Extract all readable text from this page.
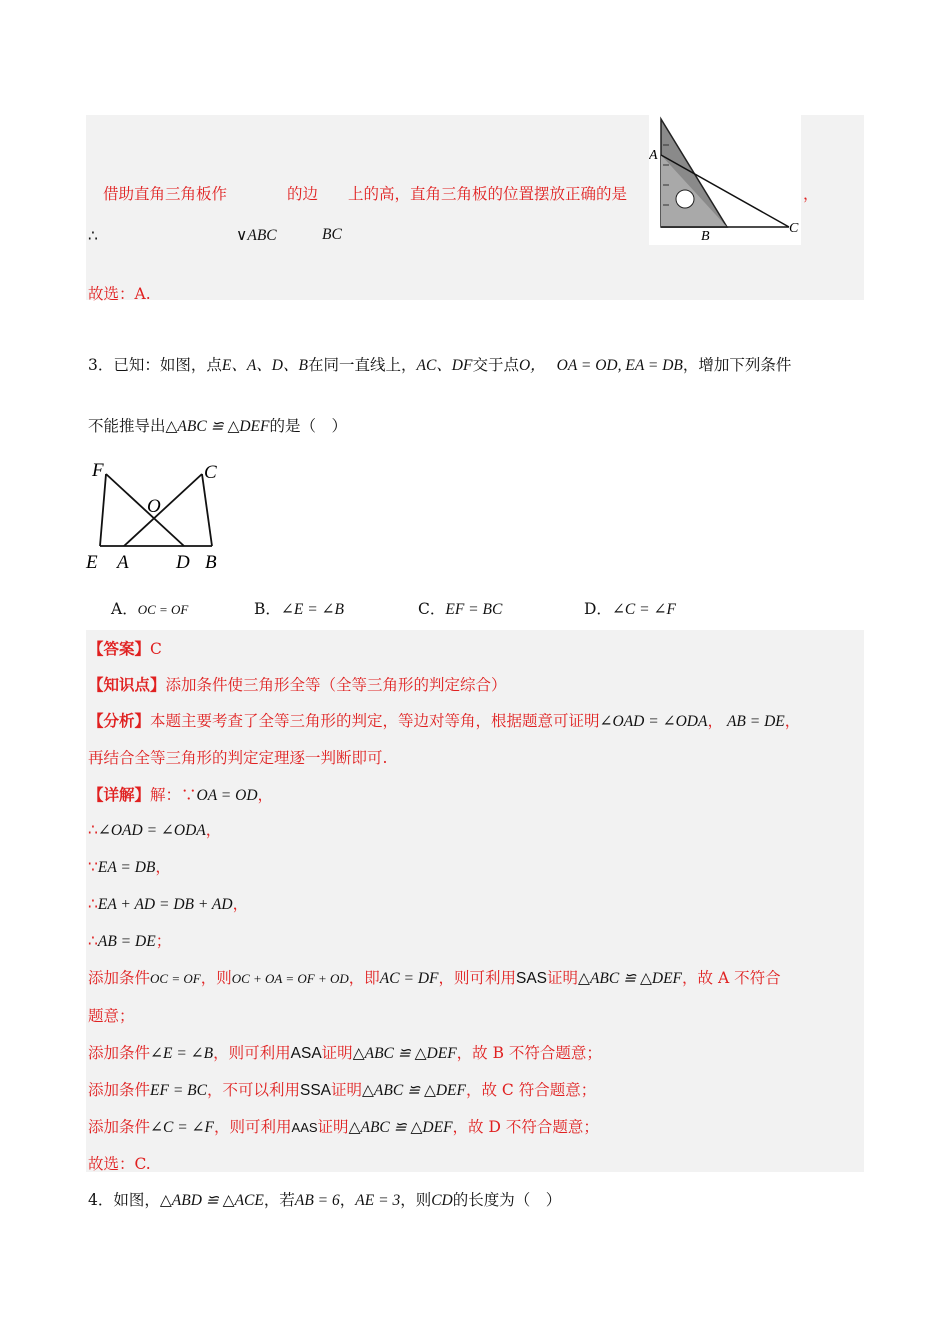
借助直角三角板作	的边 上的高，直角三角板的位置摆放正确的是	，
∴	∨ABC	BC
故选：A.
A
B
C
3．已知：如图，点E、A、D、B在同一直线上，AC、DF交于点O， OA = OD, EA = DB，增加下列条件
不能推导出△ABC ≌ △DEF的是（　）
F	C
O
E A D B
A．OC = OF	B．∠E = ∠B	C．EF = BC	D．∠C = ∠F
【答案】C
【知识点】添加条件使三角形全等（全等三角形的判定综合）
【分析】本题主要考查了全等三角形的判定，等边对等角，根据题意可证明∠OAD = ∠ODA， AB = DE，
再结合全等三角形的判定定理逐一判断即可.
【详解】解：∵OA = OD，
∴∠OAD = ∠ODA，
∵EA = DB，
∴EA + AD = DB + AD，
∴AB = DE；
添加条件OC = OF，则OC + OA = OF + OD，即AC = DF，则可利用SAS证明△ABC ≌ △DEF，故 A 不符合
题意；
添加条件∠E = ∠B，则可利用ASA证明△ABC ≌ △DEF，故 B 不符合题意；
添加条件EF = BC，不可以利用SSA证明△ABC ≌ △DEF，故 C 符合题意；
添加条件∠C = ∠F，则可利用AAS证明△ABC ≌ △DEF，故 D 不符合题意；
故选：C.
4．如图，△ABD ≌ △ACE，若AB = 6，AE = 3，则CD的长度为（　）
